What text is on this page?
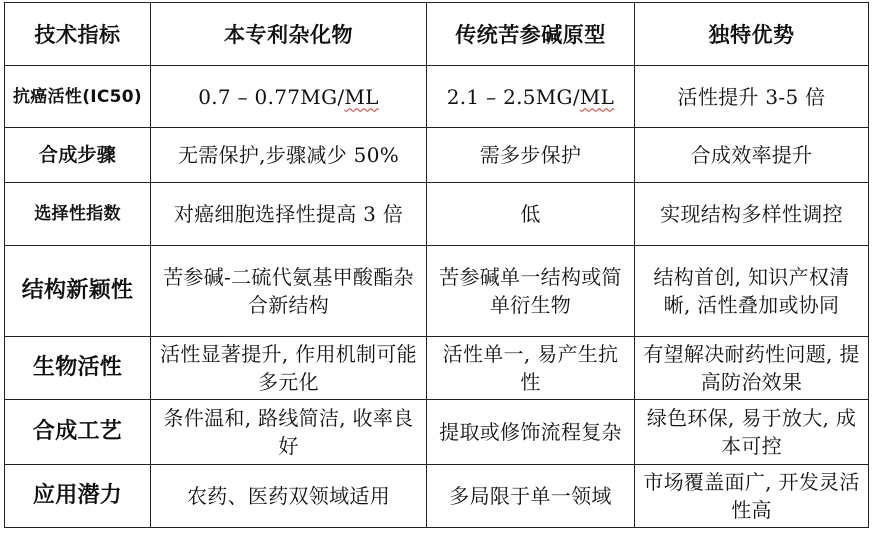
技术指标	本专利杂化物	传统苦参碱原型	独特优势
抗癌活性(IC50)	0.7 – 0.77MG/ML	2.1 – 2.5MG/ML	活性提升 3-5 倍
合成步骤	无需保护,步骤减少 50%	需多步保护	合成效率提升
选择性指数	对癌细胞选择性提高 3 倍	低	实现结构多样性调控
结构新颖性	苦参碱-二硫代氨基甲酸酯杂合新结构	苦参碱单一结构或简单衍生物	结构首创, 知识产权清晰, 活性叠加或协同
生物活性	活性显著提升, 作用机制可能多元化	活性单一, 易产生抗性	有望解决耐药性问题, 提高防治效果
合成工艺	条件温和, 路线简洁, 收率良好	提取或修饰流程复杂	绿色环保, 易于放大, 成本可控
应用潜力	农药、医药双领域适用	多局限于单一领域	市场覆盖面广, 开发灵活性高
